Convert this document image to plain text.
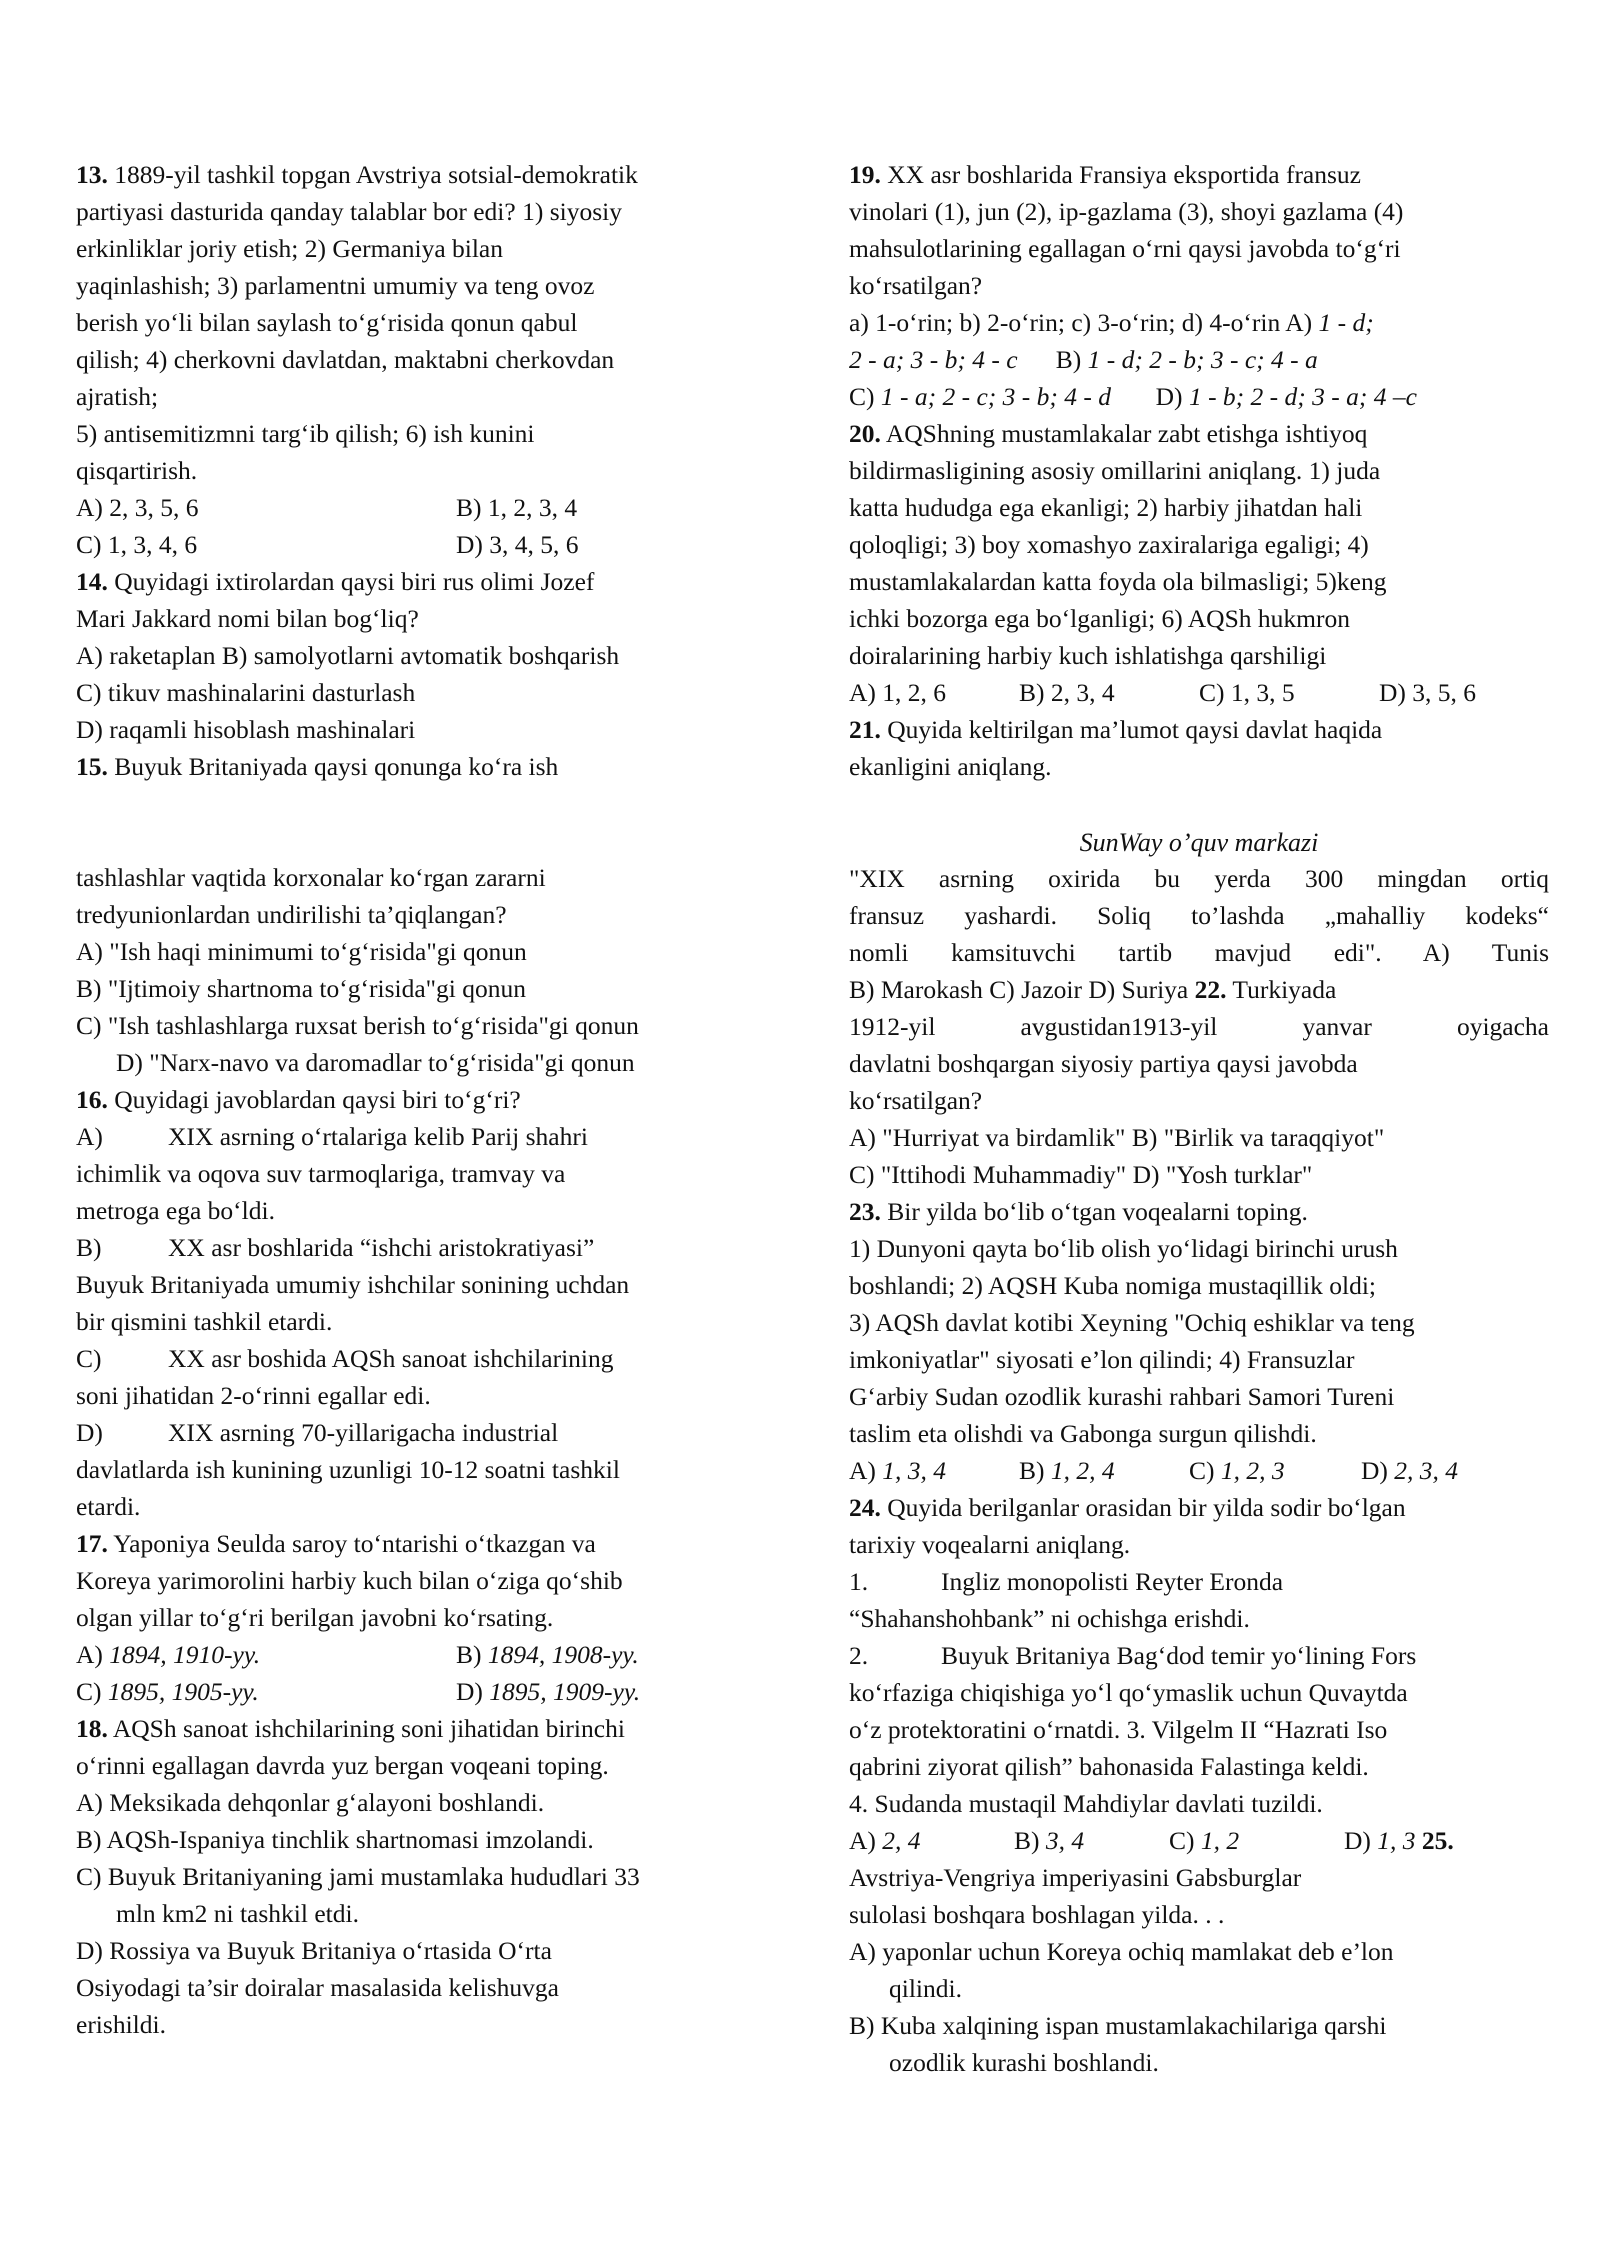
13. 1889-yil tashkil topgan Avstriya sotsial-demokratik
partiyasi dasturida qanday talablar bor edi? 1) siyosiy
erkinliklar joriy etish; 2) Germaniya bilan
yaqinlashish; 3) parlamentni umumiy va teng ovoz
berish yo‘li bilan saylash to‘g‘risida qonun qabul
qilish; 4) cherkovni davlatdan, maktabni cherkovdan
ajratish;
5) antisemitizmni targ‘ib qilish; 6) ish kunini
qisqartirish.
A) 2, 3, 5, 6	B) 1, 2, 3, 4
C) 1, 3, 4, 6	D) 3, 4, 5, 6
14. Quyidagi ixtirolardan qaysi biri rus olimi Jozef
Mari Jakkard nomi bilan bog‘liq?
A) raketaplan B) samolyotlarni avtomatik boshqarish
C) tikuv mashinalarini dasturlash
D) raqamli hisoblash mashinalari
15. Buyuk Britaniyada qaysi qonunga ko‘ra ish
tashlashlar vaqtida korxonalar ko‘rgan zararni
tredyunionlardan undirilishi ta’qiqlangan?
A) "Ish haqi minimumi to‘g‘risida"gi qonun
B) "Ijtimoiy shartnoma to‘g‘risida"gi qonun
C) "Ish tashlashlarga ruxsat berish to‘g‘risida"gi qonun
D) "Narx-navo va daromadlar to‘g‘risida"gi qonun
16. Quyidagi javoblardan qaysi biri to‘g‘ri?
A)	XIX asrning o‘rtalariga kelib Parij shahri
ichimlik va oqova suv tarmoqlariga, tramvay va
metroga ega bo‘ldi.
B)	XX asr boshlarida “ishchi aristokratiyasi”
Buyuk Britaniyada umumiy ishchilar sonining uchdan
bir qismini tashkil etardi.
C)	XX asr boshida AQSh sanoat ishchilarining
soni jihatidan 2-o‘rinni egallar edi.
D)	XIX asrning 70-yillarigacha industrial
davlatlarda ish kunining uzunligi 10-12 soatni tashkil
etardi.
17. Yaponiya Seulda saroy to‘ntarishi o‘tkazgan va
Koreya yarimorolini harbiy kuch bilan o‘ziga qo‘shib
olgan yillar to‘g‘ri berilgan javobni ko‘rsating.
A) 1894, 1910-yy.	B) 1894, 1908-yy.
C) 1895, 1905-yy.	D) 1895, 1909-yy.
18. AQSh sanoat ishchilarining soni jihatidan birinchi
o‘rinni egallagan davrda yuz bergan voqeani toping.
A) Meksikada dehqonlar g‘alayoni boshlandi.
B) AQSh-Ispaniya tinchlik shartnomasi imzolandi.
C) Buyuk Britaniyaning jami mustamlaka hududlari 33
mln km2 ni tashkil etdi.
D) Rossiya va Buyuk Britaniya o‘rtasida O‘rta
Osiyodagi ta’sir doiralar masalasida kelishuvga
erishildi.
SunWay o’quv markazi
19. XX asr boshlarida Fransiya eksportida fransuz
vinolari (1), jun (2), ip-gazlama (3), shoyi gazlama (4)
mahsulotlarining egallagan o‘rni qaysi javobda to‘g‘ri
ko‘rsatilgan?
a) 1-o‘rin; b) 2-o‘rin; c) 3-o‘rin; d) 4-o‘rin A) 1 - d;
2 - a; 3 - b; 4 - c B) 1 - d; 2 - b; 3 - c; 4 - a
C) 1 - a; 2 - c; 3 - b; 4 - d D) 1 - b; 2 - d; 3 - a; 4 –c
20. AQShning mustamlakalar zabt etishga ishtiyoq
bildirmasligining asosiy omillarini aniqlang. 1) juda
katta hududga ega ekanligi; 2) harbiy jihatdan hali
qoloqligi; 3) boy xomashyo zaxiralariga egaligi; 4)
mustamlakalardan katta foyda ola bilmasligi; 5)keng
ichki bozorga ega bo‘lganligi; 6) AQSh hukmron
doiralarining harbiy kuch ishlatishga qarshiligi
A) 1, 2, 6	B) 2, 3, 4	C) 1, 3, 5	D) 3, 5, 6
21. Quyida keltirilgan ma’lumot qaysi davlat haqida
ekanligini aniqlang.
"XIX asrning oxirida bu yerda 300 mingdan ortiq
fransuz yashardi. Soliq to’lashda „mahalliy kodeks“
nomli kamsituvchi tartib mavjud edi". A) Tunis
B) Marokash C) Jazoir D) Suriya 22. Turkiyada
1912-yil avgustidan1913-yil yanvar oyigacha
davlatni boshqargan siyosiy partiya qaysi javobda
ko‘rsatilgan?
A) "Hurriyat va birdamlik" B) "Birlik va taraqqiyot"
C) "Ittihodi Muhammadiy" D) "Yosh turklar"
23. Bir yilda bo‘lib o‘tgan voqealarni toping.
1) Dunyoni qayta bo‘lib olish yo‘lidagi birinchi urush
boshlandi; 2) AQSH Kuba nomiga mustaqillik oldi;
3) AQSh davlat kotibi Xeyning "Ochiq eshiklar va teng
imkoniyatlar" siyosati e’lon qilindi; 4) Fransuzlar
G‘arbiy Sudan ozodlik kurashi rahbari Samori Tureni
taslim eta olishdi va Gabonga surgun qilishdi.
A) 1, 3, 4	B) 1, 2, 4	C) 1, 2, 3	D) 2, 3, 4
24. Quyida berilganlar orasidan bir yilda sodir bo‘lgan
tarixiy voqealarni aniqlang.
1.	Ingliz monopolisti Reyter Eronda
“Shahanshohbank” ni ochishga erishdi.
2.	Buyuk Britaniya Bag‘dod temir yo‘lining Fors
ko‘rfaziga chiqishiga yo‘l qo‘ymaslik uchun Quvaytda
o‘z protektoratini o‘rnatdi. 3. Vilgelm II “Hazrati Iso
qabrini ziyorat qilish” bahonasida Falastinga keldi.
4. Sudanda mustaqil Mahdiylar davlati tuzildi.
A) 2, 4	B) 3, 4	C) 1, 2	D) 1, 3 25.
Avstriya-Vengriya imperiyasini Gabsburglar
sulolasi boshqara boshlagan yilda. . .
A) yaponlar uchun Koreya ochiq mamlakat deb e’lon
qilindi.
B) Kuba xalqining ispan mustamlakachilariga qarshi
ozodlik kurashi boshlandi.
